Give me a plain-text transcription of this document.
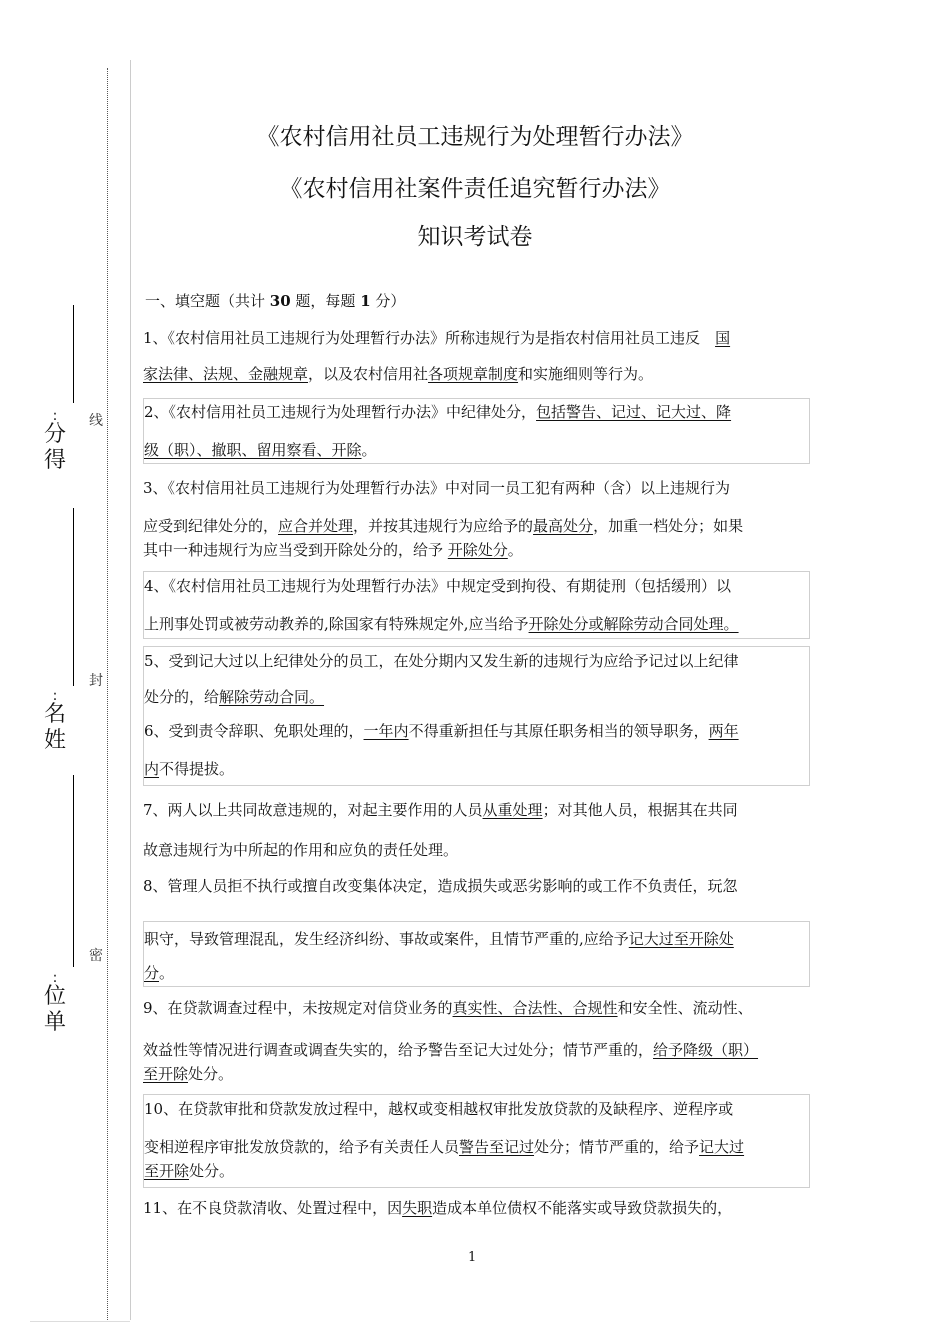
:
分得
:
名姓
:
位单
线
封
密
《农村信用社员工违规行为处理暂行办法》
《农村信用社案件责任追究暂行办法》
知识考试卷
一、填空题（共计 30 题，每题 1 分）
1、《农村信用社员工违规行为处理暂行办法》所称违规行为是指农村信用社员工违反　国
家法律、法规、金融规章，以及农村信用社各项规章制度和实施细则等行为。
2、《农村信用社员工违规行为处理暂行办法》中纪律处分，包括警告、记过、记大过、降
级（职）、撤职、留用察看、开除。
3、《农村信用社员工违规行为处理暂行办法》中对同一员工犯有两种（含）以上违规行为
应受到纪律处分的，应合并处理，并按其违规行为应给予的最高处分，加重一档处分；如果
其中一种违规行为应当受到开除处分的，给予 开除处分。
4、《农村信用社员工违规行为处理暂行办法》中规定受到拘役、有期徒刑（包括缓刑）以
上刑事处罚或被劳动教养的,除国家有特殊规定外,应当给予开除处分或解除劳动合同处理。
5、受到记大过以上纪律处分的员工，在处分期内又发生新的违规行为应给予记过以上纪律
处分的，给解除劳动合同。
6、受到责令辞职、免职处理的，一年内不得重新担任与其原任职务相当的领导职务，两年
内不得提拔。
7、两人以上共同故意违规的，对起主要作用的人员从重处理；对其他人员，根据其在共同
故意违规行为中所起的作用和应负的责任处理。
8、管理人员拒不执行或擅自改变集体决定，造成损失或恶劣影响的或工作不负责任，玩忽
职守，导致管理混乱，发生经济纠纷、事故或案件，且情节严重的,应给予记大过至开除处
分。
9、在贷款调查过程中，未按规定对信贷业务的真实性、合法性、合规性和安全性、流动性、
效益性等情况进行调查或调查失实的，给予警告至记大过处分；情节严重的，给予降级（职）
至开除处分。
10、在贷款审批和贷款发放过程中，越权或变相越权审批发放贷款的及缺程序、逆程序或
变相逆程序审批发放贷款的，给予有关责任人员警告至记过处分；情节严重的，给予记大过
至开除处分。
11、在不良贷款清收、处置过程中，因失职造成本单位债权不能落实或导致贷款损失的，
1
